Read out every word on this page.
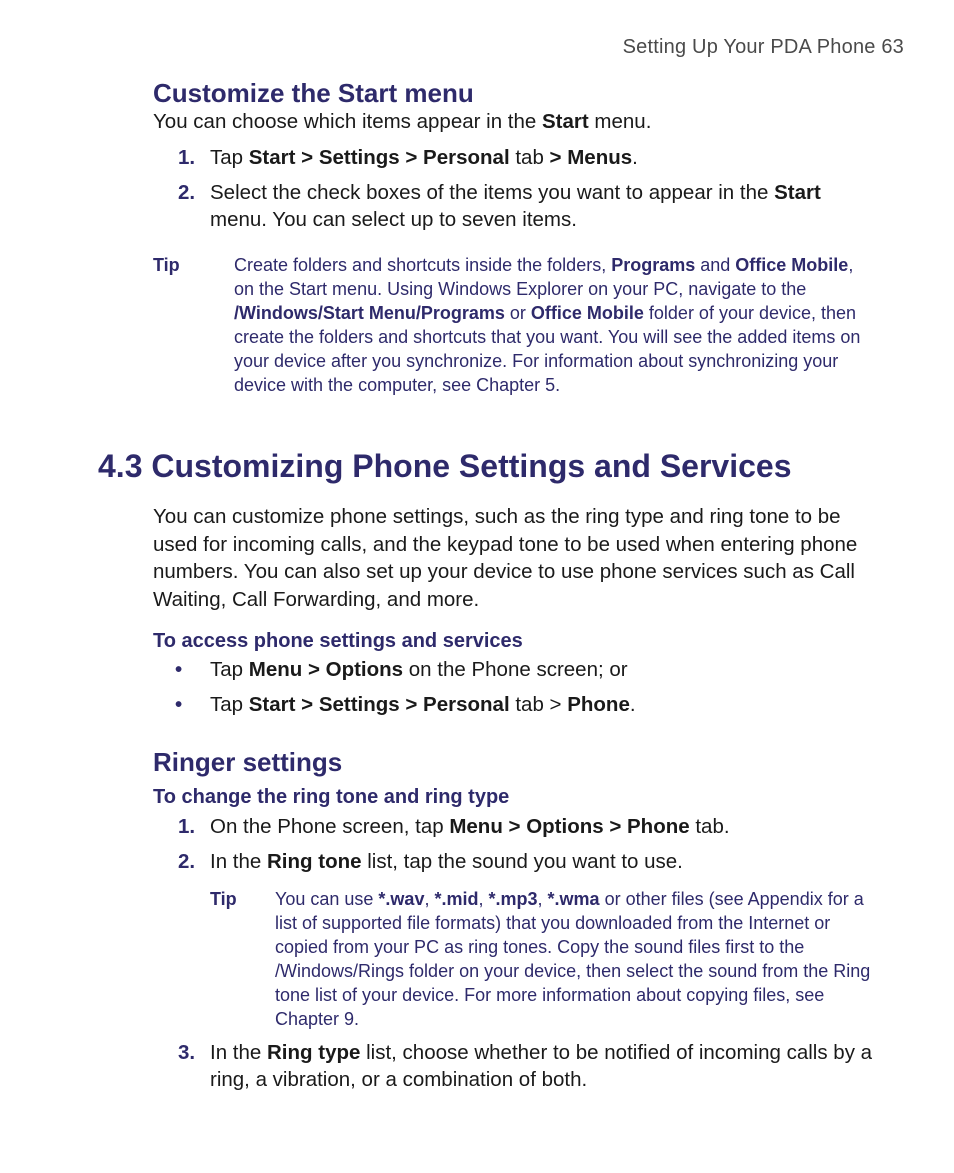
Setting Up Your PDA Phone 63
Customize the Start menu

You can choose which items appear in the Start menu.

1. Tap Start > Settings > Personal tab > Menus.
2. Select the check boxes of the items you want to appear in the Start menu. You can select up to seven items.
Tip	Create folders and shortcuts inside the folders, Programs and Office Mobile, on the Start menu. Using Windows Explorer on your PC, navigate to the /Windows/Start Menu/Programs or Office Mobile folder of your device, then create the folders and shortcuts that you want. You will see the added items on your device after you synchronize. For information about synchronizing your device with the computer, see Chapter 5.
4.3 Customizing Phone Settings and Services

You can customize phone settings, such as the ring type and ring tone to be used for incoming calls, and the keypad tone to be used when entering phone numbers. You can also set up your device to use phone services such as Call Waiting, Call Forwarding, and more.

To access phone settings and services
• Tap Menu > Options on the Phone screen; or
• Tap Start > Settings > Personal tab > Phone.
Ringer settings
To change the ring tone and ring type
1. On the Phone screen, tap Menu > Options > Phone tab.
2. In the Ring tone list, tap the sound you want to use.
Tip You can use *.wav, *.mid, *.mp3, *.wma or other files (see Appendix for a list of supported file formats) that you downloaded from the Internet or copied from your PC as ring tones. Copy the sound files first to the /Windows/Rings folder on your device, then select the sound from the Ring tone list of your device. For more information about copying files, see Chapter 9.
3. In the Ring type list, choose whether to be notified of incoming calls by a ring, a vibration, or a combination of both.
